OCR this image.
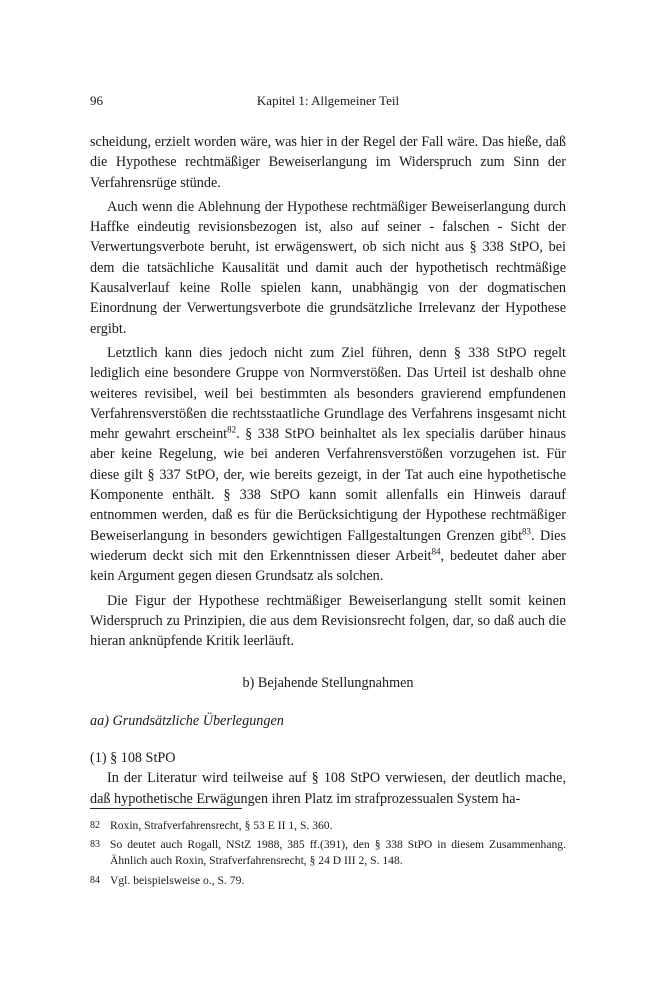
96	Kapitel 1: Allgemeiner Teil

scheidung, erzielt worden wäre, was hier in der Regel der Fall wäre. Das hieße, daß die Hypothese rechtmäßiger Beweiserlangung im Widerspruch zum Sinn der Verfahrensrüge stünde.

Auch wenn die Ablehnung der Hypothese rechtmäßiger Beweiserlangung durch Haffke eindeutig revisionsbezogen ist, also auf seiner - falschen - Sicht der Verwertungsverbote beruht, ist erwägenswert, ob sich nicht aus § 338 StPO, bei dem die tatsächliche Kausalität und damit auch der hypothetisch rechtmäßige Kausalverlauf keine Rolle spielen kann, unabhängig von der dogmatischen Einordnung der Verwertungsverbote die grundsätzliche Irrelevanz der Hypothese ergibt.

Letztlich kann dies jedoch nicht zum Ziel führen, denn § 338 StPO regelt lediglich eine besondere Gruppe von Normverstößen. Das Urteil ist deshalb ohne weiteres revisibel, weil bei bestimmten als besonders gravierend empfundenen Verfahrensverstößen die rechtsstaatliche Grundlage des Verfahrens insgesamt nicht mehr gewahrt erscheint$^{82}$. § 338 StPO beinhaltet als lex specialis darüber hinaus aber keine Regelung, wie bei anderen Verfahrensverstößen vorzugehen ist. Für diese gilt § 337 StPO, der, wie bereits gezeigt, in der Tat auch eine hypothetische Komponente enthält. § 338 StPO kann somit allenfalls ein Hinweis darauf entnommen werden, daß es für die Berücksichtigung der Hypothese rechtmäßiger Beweiserlangung in besonders gewichtigen Fallgestaltungen Grenzen gibt$^{83}$. Dies wiederum deckt sich mit den Erkenntnissen dieser Arbeit$^{84}$, bedeutet daher aber kein Argument gegen diesen Grundsatz als solchen.

Die Figur der Hypothese rechtmäßiger Beweiserlangung stellt somit keinen Widerspruch zu Prinzipien, die aus dem Revisionsrecht folgen, dar, so daß auch die hieran anknüpfende Kritik leerläuft.

b) Bejahende Stellungnahmen

aa) Grundsätzliche Überlegungen

(1) § 108 StPO

In der Literatur wird teilweise auf § 108 StPO verwiesen, der deutlich mache, daß hypothetische Erwägungen ihren Platz im strafprozessualen System ha-

82 Roxin, Strafverfahrensrecht, § 53 E II 1, S. 360.
83 So deutet auch Rogall, NStZ 1988, 385 ff.(391), den § 338 StPO in diesem Zusammenhang. Ähnlich auch Roxin, Strafverfahrensrecht, § 24 D III 2, S. 148.
84 Vgl. beispielsweise o., S. 79.
